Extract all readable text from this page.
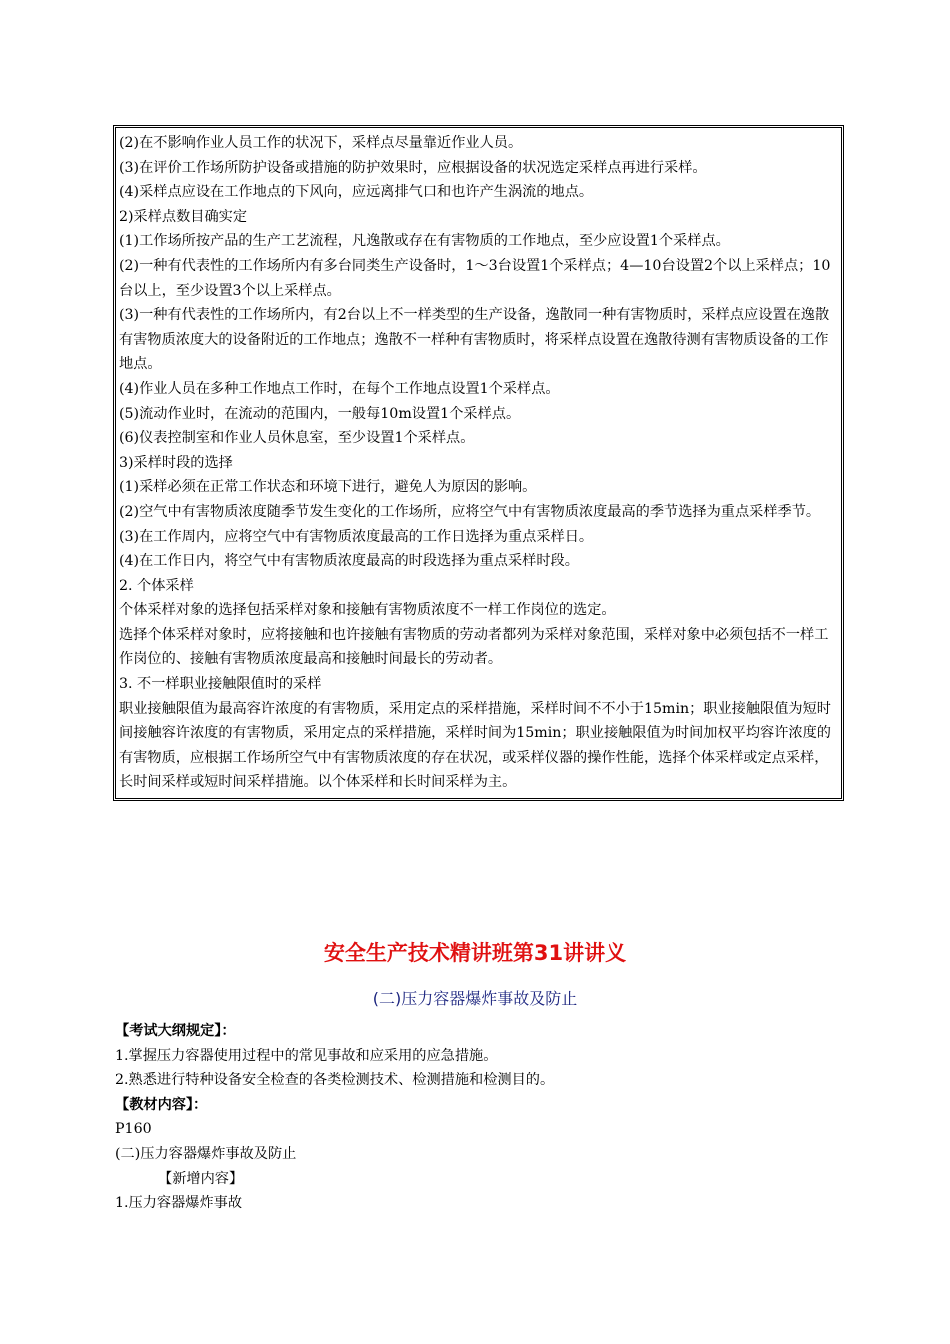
(2)在不影响作业人员工作的状况下，采样点尽量靠近作业人员。

(3)在评价工作场所防护设备或措施的防护效果时，应根据设备的状况选定采样点再进行采样。

(4)采样点应设在工作地点的下风向，应远离排气口和也许产生涡流的地点。

2)采样点数目确实定

(1)工作场所按产品的生产工艺流程，凡逸散或存在有害物质的工作地点，至少应设置1个采样点。

(2)一种有代表性的工作场所内有多台同类生产设备时，1～3台设置1个采样点；4—10台设置2个以上采样点；10台以上，至少设置3个以上采样点。

(3)一种有代表性的工作场所内，有2台以上不一样类型的生产设备，逸散同一种有害物质时，采样点应设置在逸散有害物质浓度大的设备附近的工作地点；逸散不一样种有害物质时，将采样点设置在逸散待测有害物质设备的工作地点。

(4)作业人员在多种工作地点工作时，在每个工作地点设置1个采样点。

(5)流动作业时，在流动的范围内，一般每10m设置1个采样点。

(6)仪表控制室和作业人员休息室，至少设置1个采样点。

3)采样时段的选择

(1)采样必须在正常工作状态和环境下进行，避免人为原因的影响。

(2)空气中有害物质浓度随季节发生变化的工作场所，应将空气中有害物质浓度最高的季节选择为重点采样季节。

(3)在工作周内，应将空气中有害物质浓度最高的工作日选择为重点采样日。

(4)在工作日内，将空气中有害物质浓度最高的时段选择为重点采样时段。

2. 个体采样

个体采样对象的选择包括采样对象和接触有害物质浓度不一样工作岗位的选定。

选择个体采样对象时，应将接触和也许接触有害物质的劳动者都列为采样对象范围，采样对象中必须包括不一样工作岗位的、接触有害物质浓度最高和接触时间最长的劳动者。

3. 不一样职业接触限值时的采样

职业接触限值为最高容许浓度的有害物质，采用定点的采样措施，采样时间不不小于15min；职业接触限值为短时间接触容许浓度的有害物质，采用定点的采样措施，采样时间为15min；职业接触限值为时间加权平均容许浓度的有害物质，应根据工作场所空气中有害物质浓度的存在状况，或采样仪器的操作性能，选择个体采样或定点采样，长时间采样或短时间采样措施。以个体采样和长时间采样为主。

安全生产技术精讲班第31讲讲义
(二)压力容器爆炸事故及防止

【考试大纲规定】：

1.掌握压力容器使用过程中的常见事故和应采用的应急措施。

2.熟悉进行特种设备安全检查的各类检测技术、检测措施和检测目的。

【教材内容】：

P160

(二)压力容器爆炸事故及防止

【新增内容】

1.压力容器爆炸事故
